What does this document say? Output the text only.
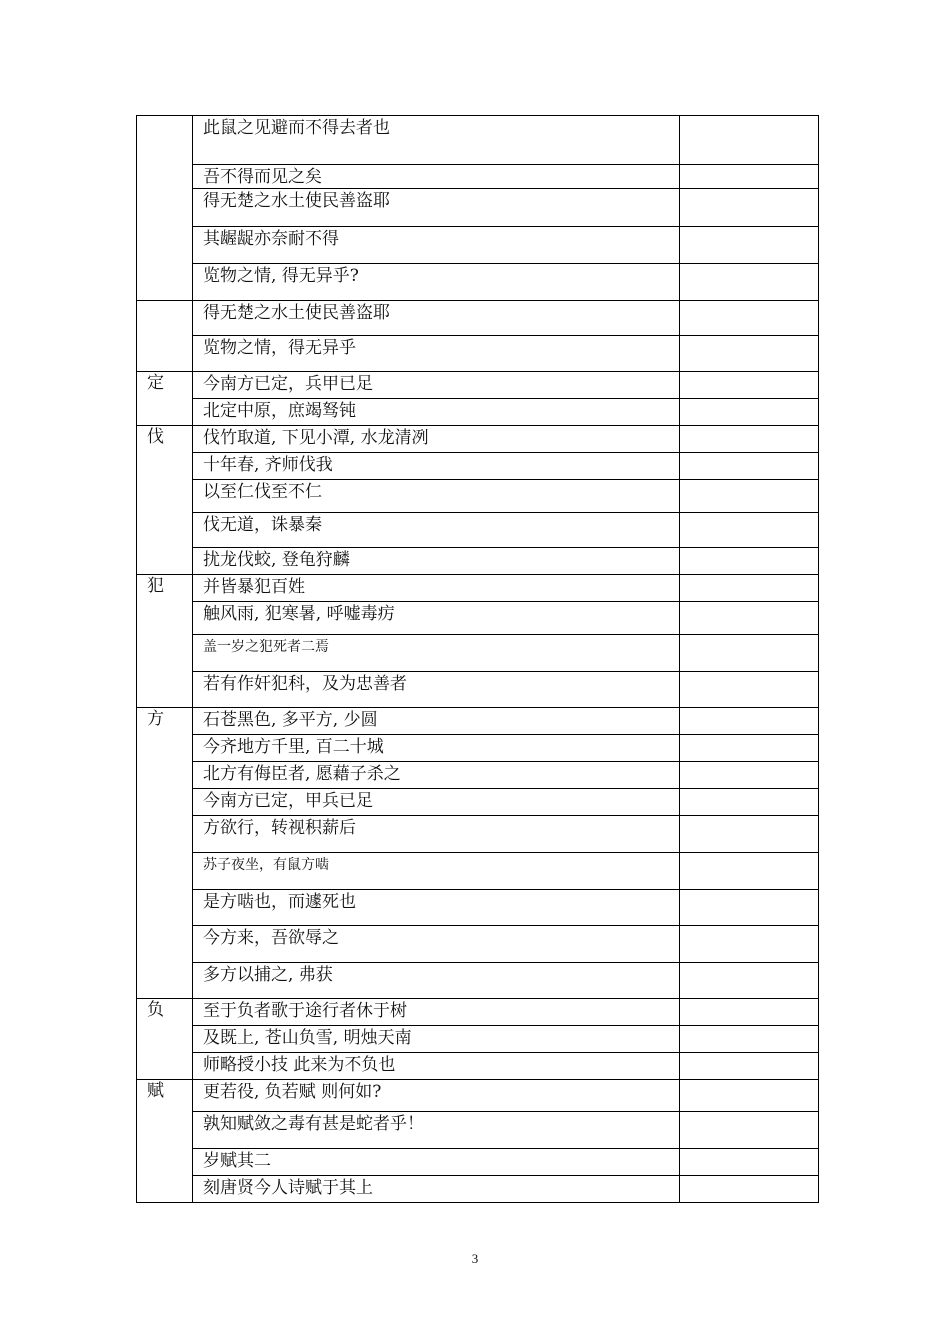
	此鼠之见避而不得去者也	
	吾不得而见之矣	
	得无楚之水土使民善盗耶	
	其龌龊亦奈耐不得	
	览物之情, 得无异乎?	
	得无楚之水土使民善盗耶	
	览物之情，得无异乎	
定	今南方已定，兵甲已足	
	北定中原，庶竭驽钝	
伐	伐竹取道, 下见小潭, 水龙清冽	
	十年春, 齐师伐我	
	以至仁伐至不仁	
	伐无道，诛暴秦	
	扰龙伐蛟, 登龟狩麟	
犯	并皆暴犯百姓	
	触风雨, 犯寒暑, 呼嘘毒疠	
	盖一岁之犯死者二焉	
	若有作奸犯科，及为忠善者	
方	石苍黑色, 多平方, 少圆	
	今齐地方千里, 百二十城	
	北方有侮臣者, 愿藉子杀之	
	今南方已定，甲兵已足	
	方欲行，转视积薪后	
	苏子夜坐，有鼠方啮	
	是方啮也，而遽死也	
	今方来，吾欲辱之	
	多方以捕之, 弗获	
负	至于负者歌于途行者休于树	
	及既上, 苍山负雪, 明烛天南	
	师略授小技 此来为不负也	
赋	更若役, 负若赋 则何如?	
	孰知赋敛之毒有甚是蛇者乎！	
	岁赋其二	
	刻唐贤今人诗赋于其上	
3
